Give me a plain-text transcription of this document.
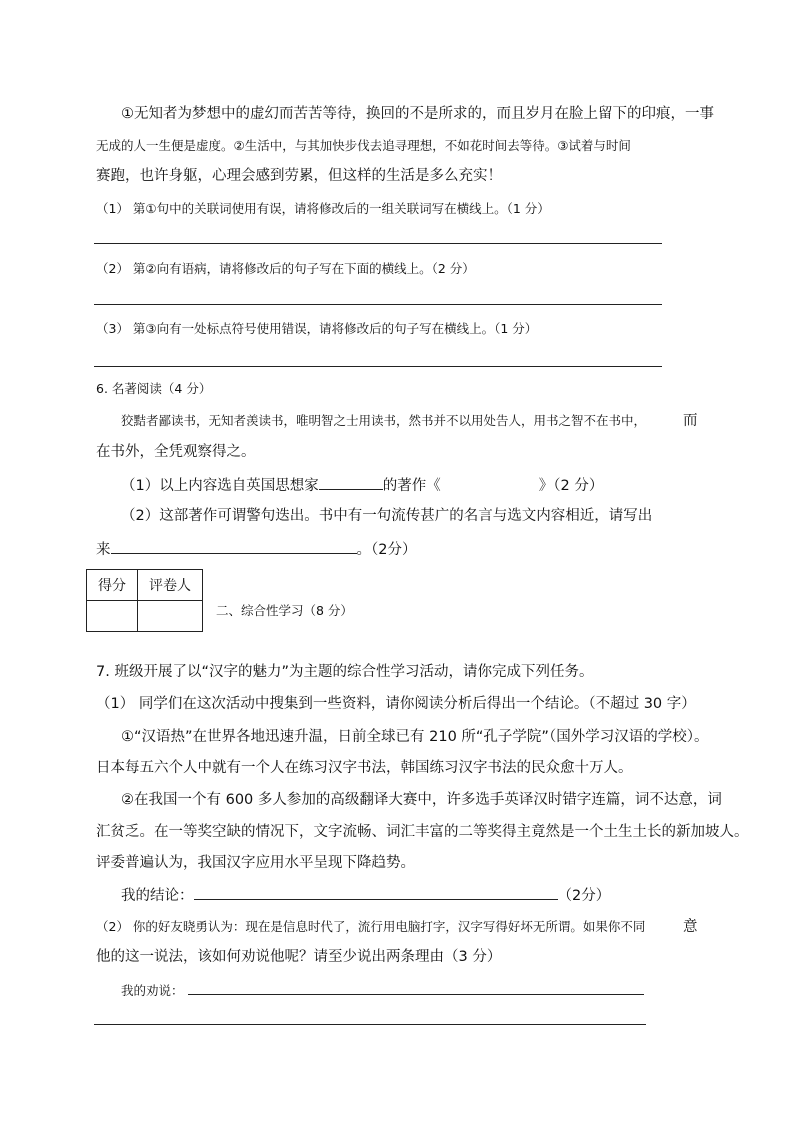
①无知者为梦想中的虚幻而苦苦等待，换回的不是所求的，而且岁月在脸上留下的印痕，一事
无成的人一生便是虚度。②生活中，与其加快步伐去追寻理想，不如花时间去等待。③试着与时间
赛跑，也许身躯，心理会感到劳累，但这样的生活是多么充实！
（1） 第①句中的关联词使用有误，请将修改后的一组关联词写在横线上。（1 分）
（2） 第②向有语病，请将修改后的句子写在下面的横线上。（2 分）
（3） 第③向有一处标点符号使用错误，请将修改后的句子写在横线上。（1 分）
6. 名著阅读（4 分）
狡黠者鄙读书，无知者羡读书，唯明智之士用读书，然书并不以用处告人，用书之智不在书中，	而
在书外，全凭观察得之。
（1）以上内容选自英国思想家	的著作《	》（2 分）
（2）这部著作可谓警句迭出。书中有一句流传甚广的名言与选文内容相近，请写出
来	。（2分）
得分	评卷人

二、综合性学习（8 分）
7. 班级开展了以“汉字的魅力”为主题的综合性学习活动，请你完成下列任务。
（1） 同学们在这次活动中搜集到一些资料，请你阅读分析后得出一个结论。（不超过 30 字）
①“汉语热”在世界各地迅速升温，日前全球已有 210 所“孔子学院”（国外学习汉语的学校）。
日本每五六个人中就有一个人在练习汉字书法，韩国练习汉字书法的民众愈十万人。
②在我国一个有 600 多人参加的高级翻译大赛中，许多选手英译汉时错字连篇，词不达意，词
汇贫乏。在一等奖空缺的情况下，文字流畅、词汇丰富的二等奖得主竟然是一个土生土长的新加坡人。
评委普遍认为，我国汉字应用水平呈现下降趋势。
我的结论：	（2分）
（2） 你的好友晓勇认为：现在是信息时代了，流行用电脑打字，汉字写得好坏无所谓。如果你不同	意
他的这一说法，该如何劝说他呢？请至少说出两条理由（3 分）
我的劝说：
